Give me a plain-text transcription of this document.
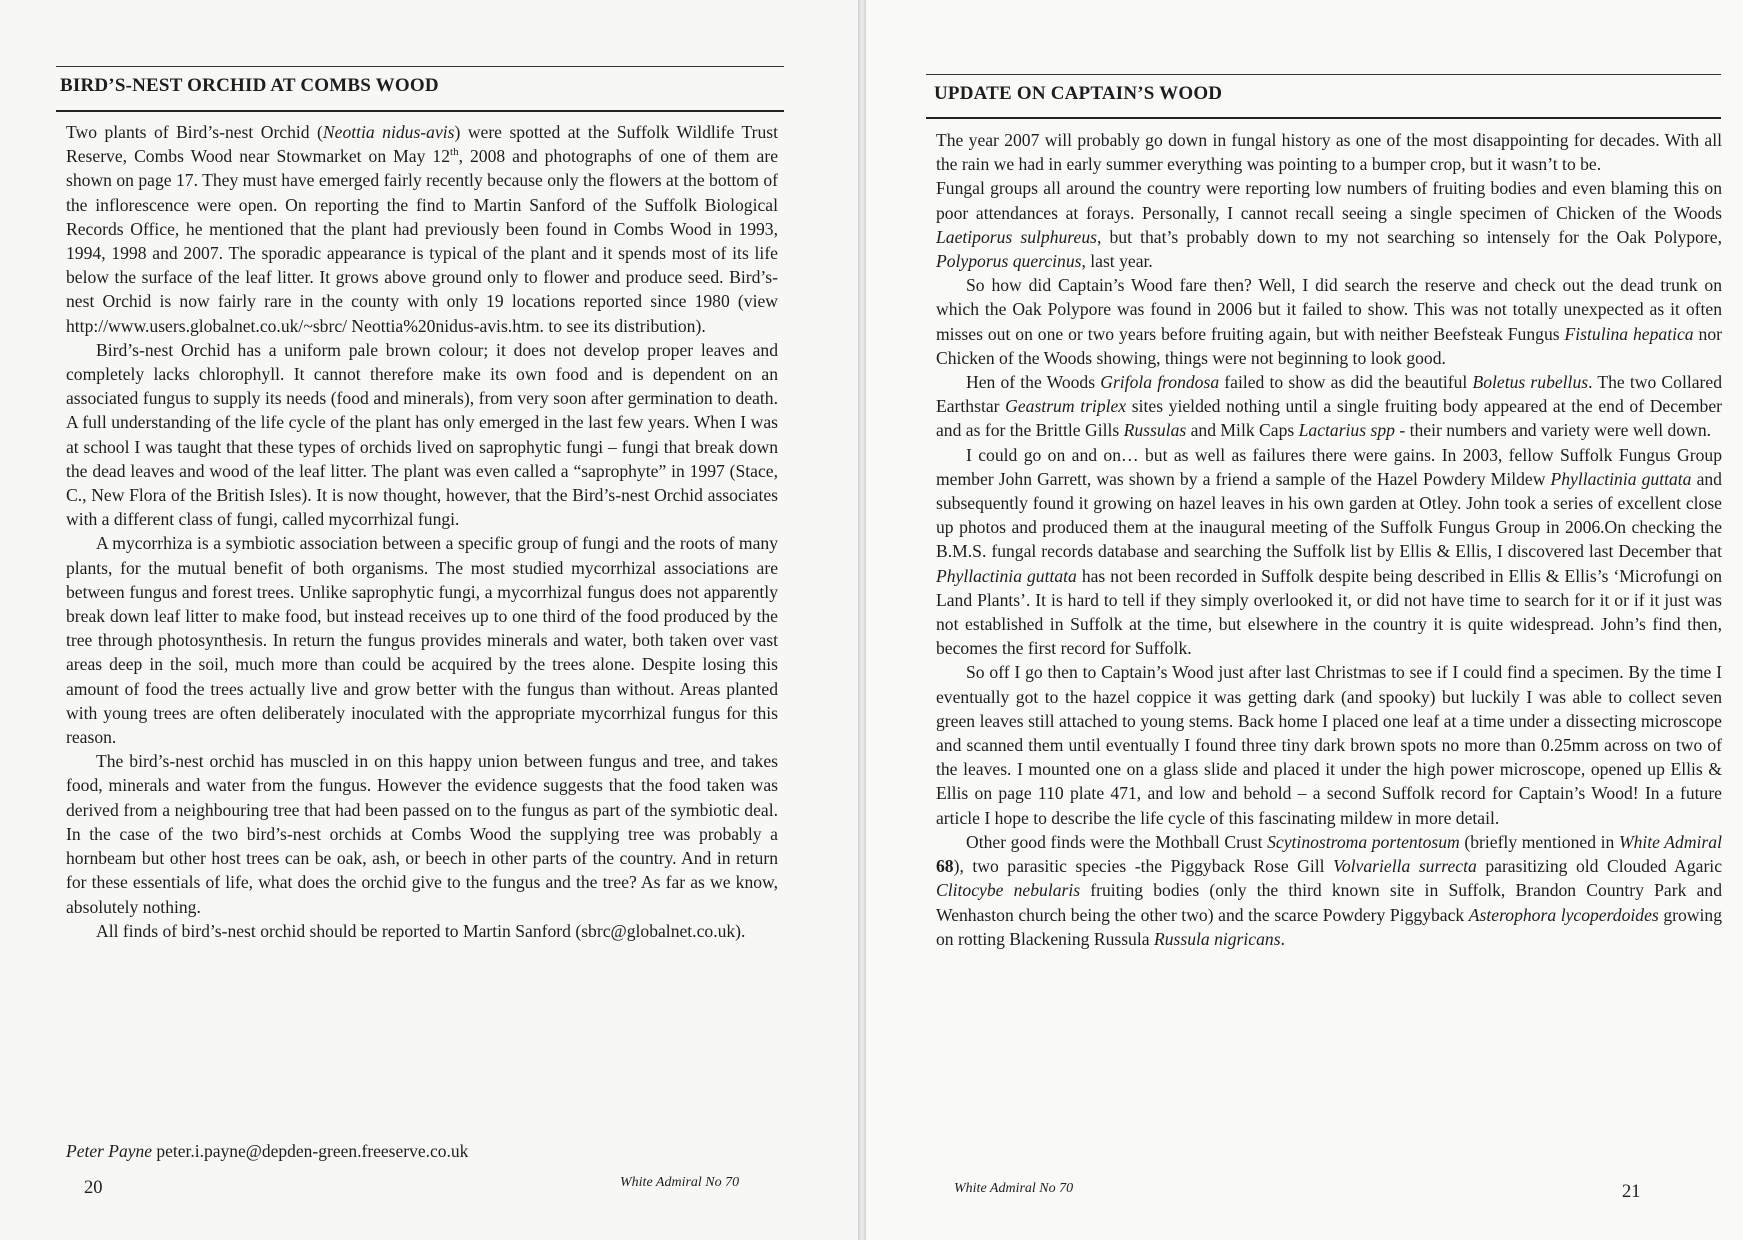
BIRD’S-NEST ORCHID AT COMBS WOOD

Two plants of Bird’s-nest Orchid (Neottia nidus-avis) were spotted at the Suffolk Wildlife Trust Reserve, Combs Wood near Stowmarket on May 12th, 2008 and photographs of one of them are shown on page 17. They must have emerged fairly recently because only the flowers at the bottom of the inflorescence were open. On reporting the find to Martin Sanford of the Suffolk Biological Records Office, he mentioned that the plant had previously been found in Combs Wood in 1993, 1994, 1998 and 2007. The sporadic appearance is typical of the plant and it spends most of its life below the surface of the leaf litter. It grows above ground only to flower and produce seed. Bird’s-nest Orchid is now fairly rare in the county with only 19 locations reported since 1980 (view http://www.users.globalnet.co.uk/~sbrc/ Neottia%20nidus-avis.htm. to see its distribution).

Bird’s-nest Orchid has a uniform pale brown colour; it does not develop proper leaves and completely lacks chlorophyll. It cannot therefore make its own food and is dependent on an associated fungus to supply its needs (food and minerals), from very soon after germination to death. A full understanding of the life cycle of the plant has only emerged in the last few years. When I was at school I was taught that these types of orchids lived on saprophytic fungi – fungi that break down the dead leaves and wood of the leaf litter. The plant was even called a “saprophyte” in 1997 (Stace, C., New Flora of the British Isles). It is now thought, however, that the Bird’s-nest Orchid associates with a different class of fungi, called mycorrhizal fungi.

A mycorrhiza is a symbiotic association between a specific group of fungi and the roots of many plants, for the mutual benefit of both organisms. The most studied mycorrhizal associations are between fungus and forest trees. Unlike saprophytic fungi, a mycorrhizal fungus does not apparently break down leaf litter to make food, but instead receives up to one third of the food produced by the tree through photosynthesis. In return the fungus provides minerals and water, both taken over vast areas deep in the soil, much more than could be acquired by the trees alone. Despite losing this amount of food the trees actually live and grow better with the fungus than without. Areas planted with young trees are often deliberately inoculated with the appropriate mycorrhizal fungus for this reason.

The bird’s-nest orchid has muscled in on this happy union between fungus and tree, and takes food, minerals and water from the fungus. However the evidence suggests that the food taken was derived from a neighbouring tree that had been passed on to the fungus as part of the symbiotic deal. In the case of the two bird’s-nest orchids at Combs Wood the supplying tree was probably a hornbeam but other host trees can be oak, ash, or beech in other parts of the country. And in return for these essentials of life, what does the orchid give to the fungus and the tree? As far as we know, absolutely nothing.

All finds of bird’s-nest orchid should be reported to Martin Sanford (sbrc@globalnet.co.uk).

Peter Payne peter.i.payne@depden-green.freeserve.co.uk
20	White Admiral No 70
UPDATE ON CAPTAIN’S WOOD

The year 2007 will probably go down in fungal history as one of the most disappointing for decades. With all the rain we had in early summer everything was pointing to a bumper crop, but it wasn’t to be.

Fungal groups all around the country were reporting low numbers of fruiting bodies and even blaming this on poor attendances at forays. Personally, I cannot recall seeing a single specimen of Chicken of the Woods Laetiporus sulphureus, but that’s probably down to my not searching so intensely for the Oak Polypore, Polyporus quercinus, last year.

So how did Captain’s Wood fare then? Well, I did search the reserve and check out the dead trunk on which the Oak Polypore was found in 2006 but it failed to show. This was not totally unexpected as it often misses out on one or two years before fruiting again, but with neither Beefsteak Fungus Fistulina hepatica nor Chicken of the Woods showing, things were not beginning to look good.

Hen of the Woods Grifola frondosa failed to show as did the beautiful Boletus rubellus. The two Collared Earthstar Geastrum triplex sites yielded nothing until a single fruiting body appeared at the end of December and as for the Brittle Gills Russulas and Milk Caps Lactarius spp - their numbers and variety were well down.

I could go on and on… but as well as failures there were gains. In 2003, fellow Suffolk Fungus Group member John Garrett, was shown by a friend a sample of the Hazel Powdery Mildew Phyllactinia guttata and subsequently found it growing on hazel leaves in his own garden at Otley. John took a series of excellent close up photos and produced them at the inaugural meeting of the Suffolk Fungus Group in 2006.On checking the B.M.S. fungal records database and searching the Suffolk list by Ellis & Ellis, I discovered last December that Phyllactinia guttata has not been recorded in Suffolk despite being described in Ellis & Ellis’s ‘Microfungi on Land Plants’. It is hard to tell if they simply overlooked it, or did not have time to search for it or if it just was not established in Suffolk at the time, but elsewhere in the country it is quite widespread. John’s find then, becomes the first record for Suffolk.

So off I go then to Captain’s Wood just after last Christmas to see if I could find a specimen. By the time I eventually got to the hazel coppice it was getting dark (and spooky) but luckily I was able to collect seven green leaves still attached to young stems. Back home I placed one leaf at a time under a dissecting microscope and scanned them until eventually I found three tiny dark brown spots no more than 0.25mm across on two of the leaves. I mounted one on a glass slide and placed it under the high power microscope, opened up Ellis & Ellis on page 110 plate 471, and low and behold – a second Suffolk record for Captain’s Wood! In a future article I hope to describe the life cycle of this fascinating mildew in more detail.

Other good finds were the Mothball Crust Scytinostroma portentosum (briefly mentioned in White Admiral 68), two parasitic species -the Piggyback Rose Gill Volvariella surrecta parasitizing old Clouded Agaric Clitocybe nebularis fruiting bodies (only the third known site in Suffolk, Brandon Country Park and Wenhaston church being the other two) and the scarce Powdery Piggyback Asterophora lycoperdoides growing on rotting Blackening Russula Russula nigricans.

White Admiral No 70	21
